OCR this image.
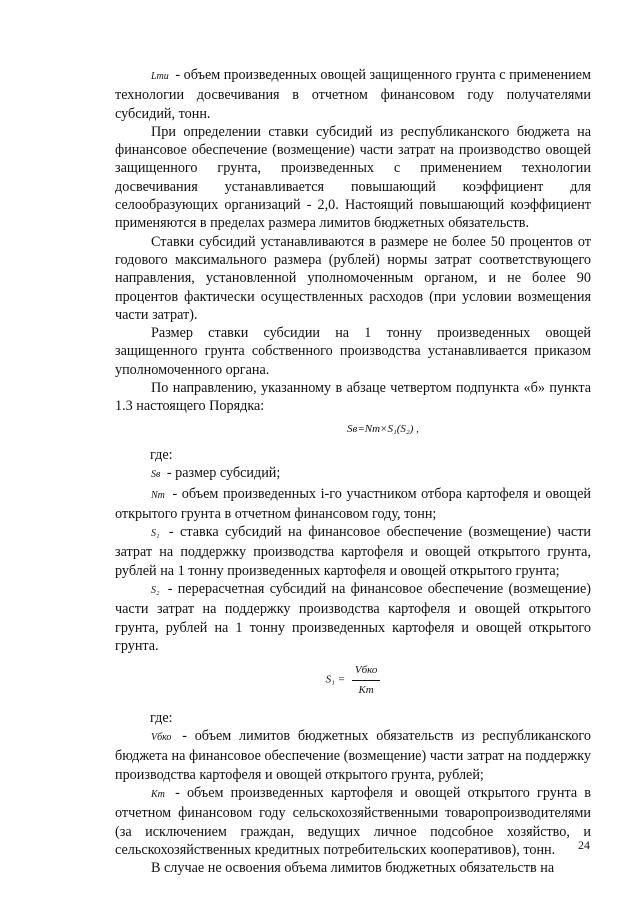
Lти - объем произведенных овощей защищенного грунта с применением технологии досвечивания в отчетном финансовом году получателями субсидий, тонн.

При определении ставки субсидий из республиканского бюджета на финансовое обеспечение (возмещение) части затрат на производство овощей защищенного грунта, произведенных с применением технологии досвечивания устанавливается повышающий коэффициент для селообразующих организаций - 2,0. Настоящий повышающий коэффициент применяются в пределах размера лимитов бюджетных обязательств.

Ставки субсидий устанавливаются в размере не более 50 процентов от годового максимального размера (рублей) нормы затрат соответствующего направления, установленной уполномоченным органом, и не более 90 процентов фактически осуществленных расходов (при условии возмещения части затрат).

Размер ставки субсидии на 1 тонну произведенных овощей защищенного грунта собственного производства устанавливается приказом уполномоченного органа.

По направлению, указанному в абзаце четвертом подпункта «б» пункта 1.3 настоящего Порядка:

Sв=Nт×S₁(S₂) ,

где:

Sв - размер субсидий;

Nт - объем произведенных i-го участником отбора картофеля и овощей открытого грунта в отчетном финансовом году, тонн;

S₁ - ставка субсидий на финансовое обеспечение (возмещение) части затрат на поддержку производства картофеля и овощей открытого грунта, рублей на 1 тонну произведенных картофеля и овощей открытого грунта;

S₂ - перерасчетная субсидий на финансовое обеспечение (возмещение) части затрат на поддержку производства картофеля и овощей открытого грунта, рублей на 1 тонну произведенных картофеля и овощей открытого грунта.

$S_1 = \frac{\text{Vбко}}{Kт}$

где:

Vбко - объем лимитов бюджетных обязательств из республиканского бюджета на финансовое обеспечение (возмещение) части затрат на поддержку производства картофеля и овощей открытого грунта, рублей;

Kт - объем произведенных картофеля и овощей открытого грунта в отчетном финансовом году сельскохозяйственными товаропроизводителями (за исключением граждан, ведущих личное подсобное хозяйство, и сельскохозяйственных кредитных потребительских кооперативов), тонн.

В случае не освоения объема лимитов бюджетных обязательств на

24
